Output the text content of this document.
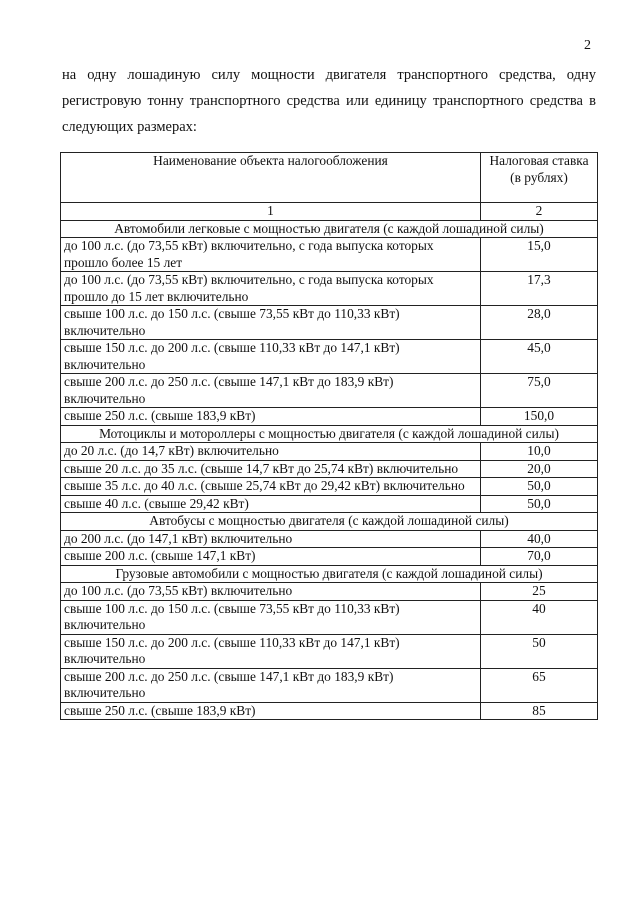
2

на одну лошадиную силу мощности двигателя транспортного средства, одну регистровую тонну транспортного средства или единицу транспортного средства в следующих размерах:

Наименование объекта налогообложения	Налоговая ставка (в рублях)
1	2
Автомобили легковые с мощностью двигателя (с каждой лошадиной силы)	
до 100 л.с. (до 73,55 кВт) включительно, с года выпуска которых прошло более 15 лет	15,0
до 100 л.с. (до 73,55 кВт) включительно, с года выпуска которых прошло до 15 лет включительно	17,3
свыше 100 л.с. до 150 л.с. (свыше 73,55 кВт до 110,33 кВт) включительно	28,0
свыше 150 л.с. до 200 л.с. (свыше 110,33 кВт до 147,1 кВт) включительно	45,0
свыше 200 л.с. до 250 л.с. (свыше 147,1 кВт до 183,9 кВт) включительно	75,0
свыше 250 л.с. (свыше 183,9 кВт)	150,0
Мотоциклы и мотороллеры с мощностью двигателя (с каждой лошадиной силы)	
до 20 л.с. (до 14,7 кВт) включительно	10,0
свыше 20 л.с. до 35 л.с. (свыше 14,7 кВт до 25,74 кВт) включительно	20,0
свыше 35 л.с. до 40 л.с. (свыше 25,74 кВт до 29,42 кВт) включительно	50,0
свыше 40 л.с. (свыше 29,42 кВт)	50,0
Автобусы с мощностью двигателя (с каждой лошадиной силы)	
до 200 л.с. (до 147,1 кВт) включительно	40,0
свыше 200 л.с. (свыше 147,1 кВт)	70,0
Грузовые автомобили с мощностью двигателя (с каждой лошадиной силы)	
до 100 л.с. (до 73,55 кВт) включительно	25
свыше 100 л.с. до 150 л.с. (свыше 73,55 кВт до 110,33 кВт) включительно	40
свыше 150 л.с. до 200 л.с. (свыше 110,33 кВт до 147,1 кВт) включительно	50
свыше 200 л.с. до 250 л.с. (свыше 147,1 кВт до 183,9 кВт) включительно	65
свыше 250 л.с. (свыше 183,9 кВт)	85
